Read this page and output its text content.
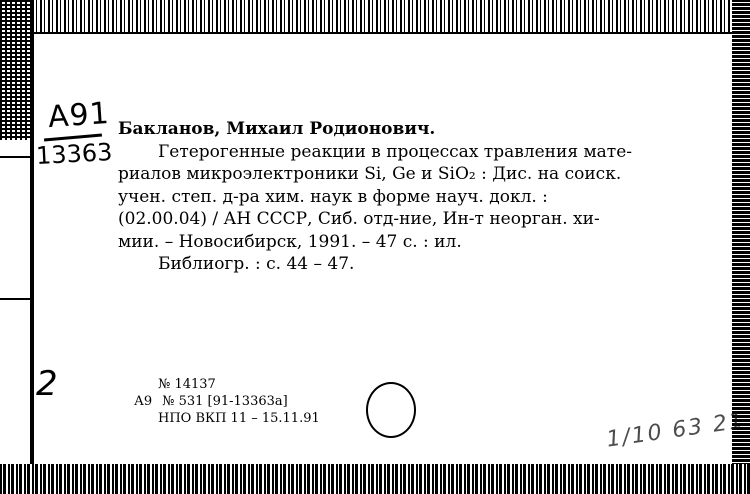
A91
13363
Бакланов, Михаил Родионович.
Гетерогенные реакции в процессах травления мате-
риалов микроэлектроники Si, Ge и SiO₂ : Дис. на соиск.
учен. степ. д-ра хим. наук в форме науч. докл. :
(02.00.04) / АН СССР, Сиб. отд-ние, Ин-т неорган. хи-
мии. – Новосибирск, 1991. – 47 с. : ил.
Библиогр. : с. 44 – 47.
2	№ 14137
А9 № 531 [91-13363a]
НПО ВКП 11 – 15.11.91	1/10 63 21
